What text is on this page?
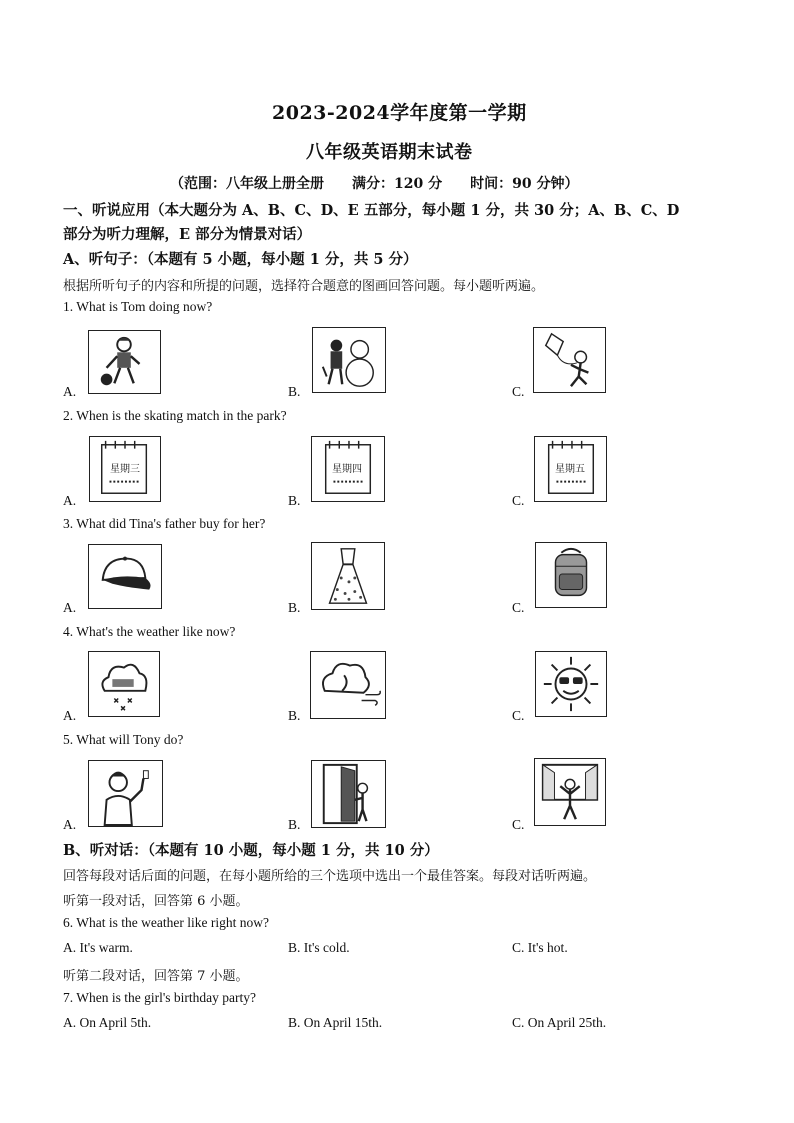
2023-2024学年度第一学期
八年级英语期末试卷
（范围：八年级上册全册　　满分：120 分　　时间：90 分钟）
一、听说应用（本大题分为 A、B、C、D、E 五部分，每小题 1 分，共 30 分；A、B、C、D
部分为听力理解，E 部分为情景对话）
A、听句子：（本题有 5 小题，每小题 1 分，共 5 分）
根据所听句子的内容和所提的问题，选择符合题意的图画回答问题。每小题听两遍。
1. What is Tom doing now?
A.	B.	C.
2. When is the skating match in the park?
星期三
A.
星期四
B.
星期五
C.
3. What did Tina's father buy for her?
A.	B.	C.
4. What's the weather like now?
A.	B.	C.
5. What will Tony do?
A.	B.	C.
B、听对话：（本题有 10 小题，每小题 1 分，共 10 分）
回答每段对话后面的问题，在每小题所给的三个选项中选出一个最佳答案。每段对话听两遍。
听第一段对话，回答第 6 小题。
6. What is the weather like right now?
A. It's warm.	B. It's cold.	C. It's hot.
听第二段对话，回答第 7 小题。
7. When is the girl's birthday party?
A. On April 5th.	B. On April 15th.	C. On April 25th.
